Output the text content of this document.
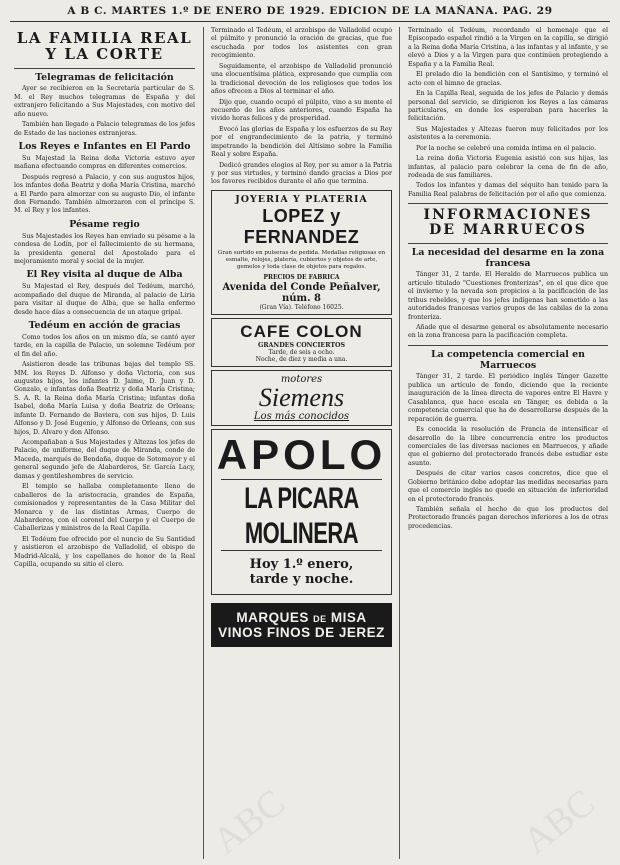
A B C. MARTES 1.º DE ENERO DE 1929. EDICION DE LA MAÑANA. PAG. 29
LA FAMILIA REAL
Y LA CORTE
Telegramas de felicitación

Ayer se recibieron en la Secretaría particular de S. M. el Rey muchos telegramas de España y del extranjero felicitando a Sus Majestades, con motivo del año nuevo.

También han llegado a Palacio telegramas de los jefes de Estado de las naciones extranjeras.

Los Reyes e Infantes en El Pardo

Su Majestad la Reina doña Victoria estuvo ayer mañana efectuando compras en diferentes comercios.

Después regresó a Palacio, y con sus augustos hijos, los infantes doña Beatriz y doña María Cristina, marchó a El Pardo para almorzar con su augusto Dio, el infante don Fernando. También almorzaron con el príncipe S. M. el Rey y los infantes.

Pésame regio

Sus Majestades los Reyes han enviado su pésame a la condesa de Lodín, por el fallecimiento de su hermana, la presidenta general del Apostolado para el mejoramiento moral y social de la mujer.

El Rey visita al duque de Alba

Su Majestad el Rey, después del Tedéum, marchó, acompañado del duque de Miranda, al palacio de Liria para visitar al duque de Alba, que se halla enfermo desde hace días a consecuencia de un ataque gripal.

Tedéum en acción de gracias

Como todos los años en un mismo día, se cantó ayer tarde, en la capilla de Palacio, un solemne Tedéum por el fin del año.

Asistieron desde las tribunas bajas del templo SS. MM. los Reyes D. Alfonso y doña Victoria, con sus augustos hijos, los infantes D. Jaime, D. Juan y D. Gonzalo, e infantas doña Beatriz y doña María Cristina; S. A. R. la Reina doña María Cristina; infantas doña Isabel, doña María Luisa y doña Beatriz de Orleans; infante D. Fernando de Baviera, con sus hijos, D. Luis Alfonso y D. José Eugenio, y Alfonso de Orleans, con sus hijos, D. Alvaro y don Alfonso.

Acompañaban a Sus Majestades y Altezas los jefes de Palacio, de uniforme, del duque de Miranda, conde de Maceda, marqués de Bendaña, duque de Sotomayor y el general segundo jefe de Alabarderos, Sr. García Lacy, damas y gentileshombres de servicio.

El templo se hallaba completamente lleno de caballeros de la aristocracia, grandes de España, comisionados y representantes de la Casa Militar del Monarca y de las distintas Armas, Cuerpo de Alabarderos, con el coronel del Cuerpo y el Cuerpo de Caballerizas y ministros de la Real Capilla.

El Tedéum fue ofrecido por el nuncio de Su Santidad y asistieron el arzobispo de Valladolid, el obispo de Madrid-Alcalá, y los capellanes de honor de la Real Capilla, ocupando su sitio el clero.

Terminado el Tedéum, el arzobispo de Valladolid ocupó el púlmito y pronunció la oración de gracias, que fue escuchada por todos los asistentes con gran recogimiento.

Seguidamente, el arzobispo de Valladolid pronunció una elocuentísima plática, expresando que cumplía con la tradicional devoción de los religiosos que todos los años ofrecen a Dios al terminar el año.

Dijo que, cuando ocupó el púlpito, vino a su mente el recuerdo de los años anteriores, cuando España ha vivido horas felices y de prosperidad.

Evocó las glorias de España y los esfuerzos de su Rey por el engrandecimiento de la patria, y terminó impetrando la bendición del Altísimo sobre la Familia Real y sobre España.

Dedicó grandes elogios al Rey, por su amor a la Patria y por sus virtudes, y terminó dando gracias a Dios por los favores recibidos durante el año que termina.

JOYERIA Y PLATERIA
LOPEZ y FERNANDEZ
Gran surtido en pulseras de pedida. Medallas religiosas en esmalte, relojes, platería, cubiertos y objetos de arte, gemelos y toda clase de objetos para regalos.
PRECIOS DE FABRICA
Avenida del Conde Peñalver, núm. 8
(Gran Vía). Teléfono 16025.
CAFE COLON
GRANDES CONCIERTOS
Tarde, de seis a ocho.
Noche, de diez y media a una.
motores
Siemens
Los más conocidos
APOLO
LA PICARA MOLINERA
Hoy 1.º enero,
tarde y noche.
MARQUES DE MISA
VINOS FINOS DE JEREZ

Terminado el Tedéum, recordando el homenaje que el Episcopado español rindió a la Virgen en la capilla, se dirigió a la Reina doña María Cristina, a las infantas y al infante, y se elevó a Dios y a la Virgen para que continúen protegiendo a España y a la Familia Real.

El prelado dio la bendición con el Santísimo, y terminó el acto con el himno de gracias.

En la Capilla Real, seguida de los jefes de Palacio y demás personal del servicio, se dirigieron los Reyes a las cámaras particulares, en donde los esperaban para hacerles la felicitación.

Sus Majestades y Altezas fueron muy felicitados por los asistentes a la ceremonia.

Por la noche se celebró una comida íntima en el palacio.

La reina doña Victoria Eugenia asistió con sus hijas, las infantas, al palacio para celebrar la cena de fin de año, rodeada de sus familiares.

Todos los infantes y damas del séquito han tenido para la Familia Real palabras de felicitación por el año que comienza.

INFORMACIONES
DE MARRUECOS
La necesidad del desarme en la zona francesa

Tánger 31, 2 tarde. El Heraldo de Marruecos publica un artículo titulado "Cuestiones fronterizas", en el que dice que el invierno y la nevada son propicios a la pacificación de las tribus rebeldes, y que los jefes indígenas han sometido a las autoridades francesas varios grupos de las cabilas de la zona fronteriza.

Añade que el desarme general es absolutamente necesario en la zona francesa para la pacificación completa.

La competencia comercial en Marruecos

Tánger 31, 2 tarde. El periódico inglés Tánger Gazette publica un artículo de fondo, diciendo que la reciente inauguración de la línea directa de vapores entre El Havre y Casablanca, que hace escala en Tánger, es debida a la competencia comercial que ha de desarrollarse después de la reparación de guerra.

Es conocida la resolución de Francia de intensificar el desarrollo de la libre concurrencia entre los productos comerciales de las diversas naciones en Marruecos, y añade que el gobierno del protectorado francés debe estudiar este asunto.

Después de citar varios casos concretos, dice que el Gobierno británico debe adoptar las medidas necesarias para que el comercio inglés no quede en situación de inferioridad en el protectorado francés.

También señala el hecho de que los productos del Protectorado francés pagan derechos inferiores a los de otras procedencias.

ABC	ABC
